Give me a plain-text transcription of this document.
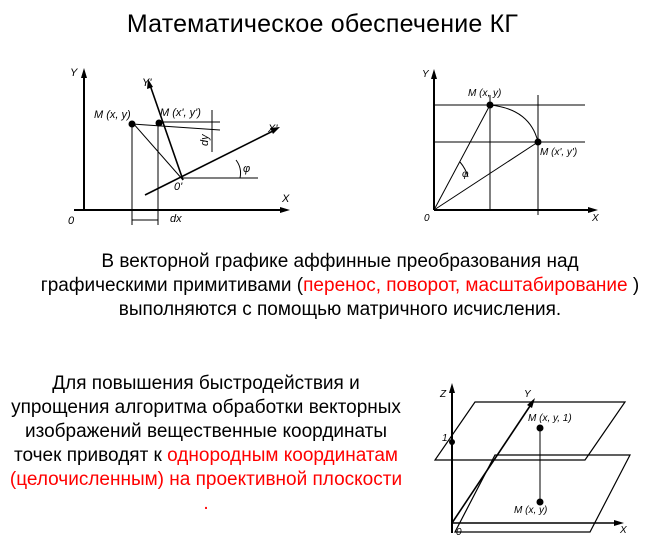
Математическое обеспечение КГ
Y
X
X'
Y'
0
0'
M (x, y)	M (x', y')
φ
dx
dy
Y
X
0
M (x, y)
M (x', y')
φ
В векторной графике аффинные преобразования над графическими примитивами (перенос, поворот, масштабирование ) выполняются с помощью матричного исчисления.
Для повышения быстродействия и упрощения алгоритма обработки векторных изображений вещественные координаты точек приводят к однородным координатам (целочисленным) на проективной плоскости .
Z	Y
X
0
1
M (x, y, 1)
M (x, y)
